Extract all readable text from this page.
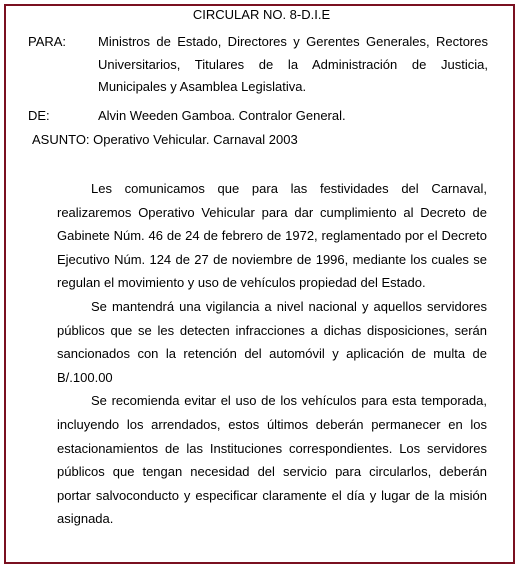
CIRCULAR NO. 8-D.I.E
PARA: Ministros de Estado, Directores y Gerentes Generales, Rectores Universitarios, Titulares de la Administración de Justicia, Municipales y Asamblea Legislativa.
DE:	Alvin Weeden Gamboa. Contralor General.
ASUNTO: Operativo Vehicular. Carnaval 2003

Les comunicamos que para las festividades del Carnaval, realizaremos Operativo Vehicular para dar cumplimiento al Decreto de Gabinete Núm. 46 de 24 de febrero de 1972, reglamentado por el Decreto Ejecutivo Núm. 124 de 27 de noviembre de 1996, mediante los cuales se regulan el movimiento y uso de vehículos propiedad del Estado.

Se mantendrá una vigilancia a nivel nacional y aquellos servidores públicos que se les detecten infracciones a dichas disposiciones, serán sancionados con la retención del automóvil y aplicación de multa de B/.100.00

Se recomienda evitar el uso de los vehículos para esta temporada, incluyendo los arrendados, estos últimos deberán permanecer en los estacionamientos de las Instituciones correspondientes. Los servidores públicos que tengan necesidad del servicio para circularlos, deberán portar salvoconducto y especificar claramente el día y lugar de la misión asignada.
